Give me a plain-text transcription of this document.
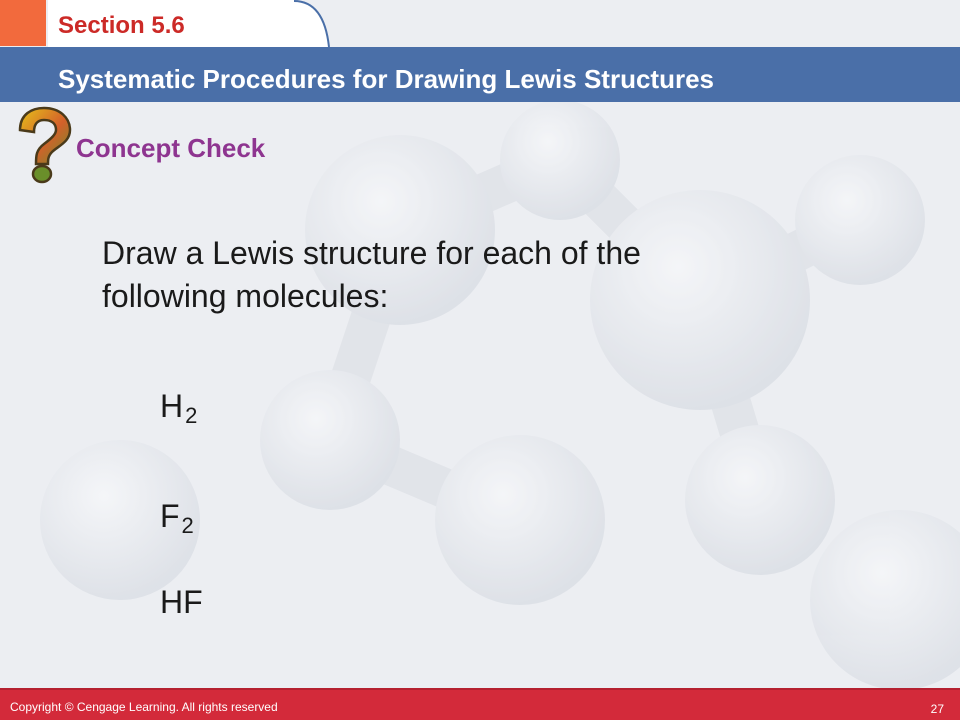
Section 5.6
Systematic Procedures for Drawing Lewis Structures
Concept Check
Draw a Lewis structure for each of the
following molecules:
$H_2$
$F_2$
HF
Copyright © Cengage Learning. All rights reserved	27
